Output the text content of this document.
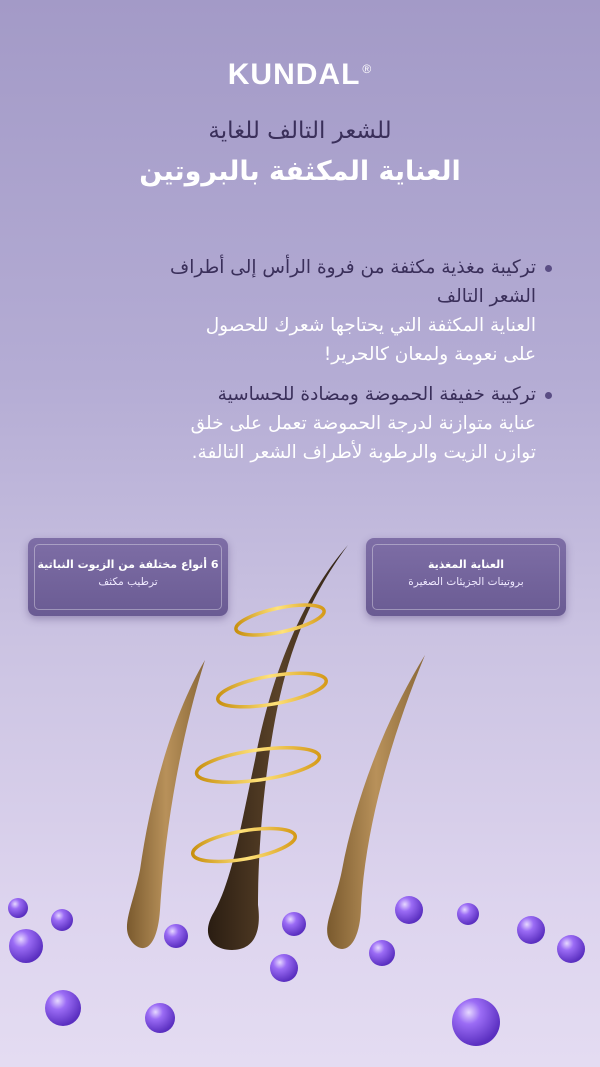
KUNDAL ®
للشعر التالف للغاية
العناية المكثفة بالبروتين
تركيبة مغذية مكثفة من فروة الرأس إلى أطراف
الشعر التالف
العناية المكثفة التي يحتاجها شعرك للحصول
على نعومة ولمعان كالحرير!
تركيبة خفيفة الحموضة ومضادة للحساسية
عناية متوازنة لدرجة الحموضة تعمل على خلق
توازن الزيت والرطوبة لأطراف الشعر التالفة.
6 أنواع مختلفة من الزيوت النباتية
ترطيب مكثف
العناية المغذية
بروتينات الجزيئات الصغيرة
